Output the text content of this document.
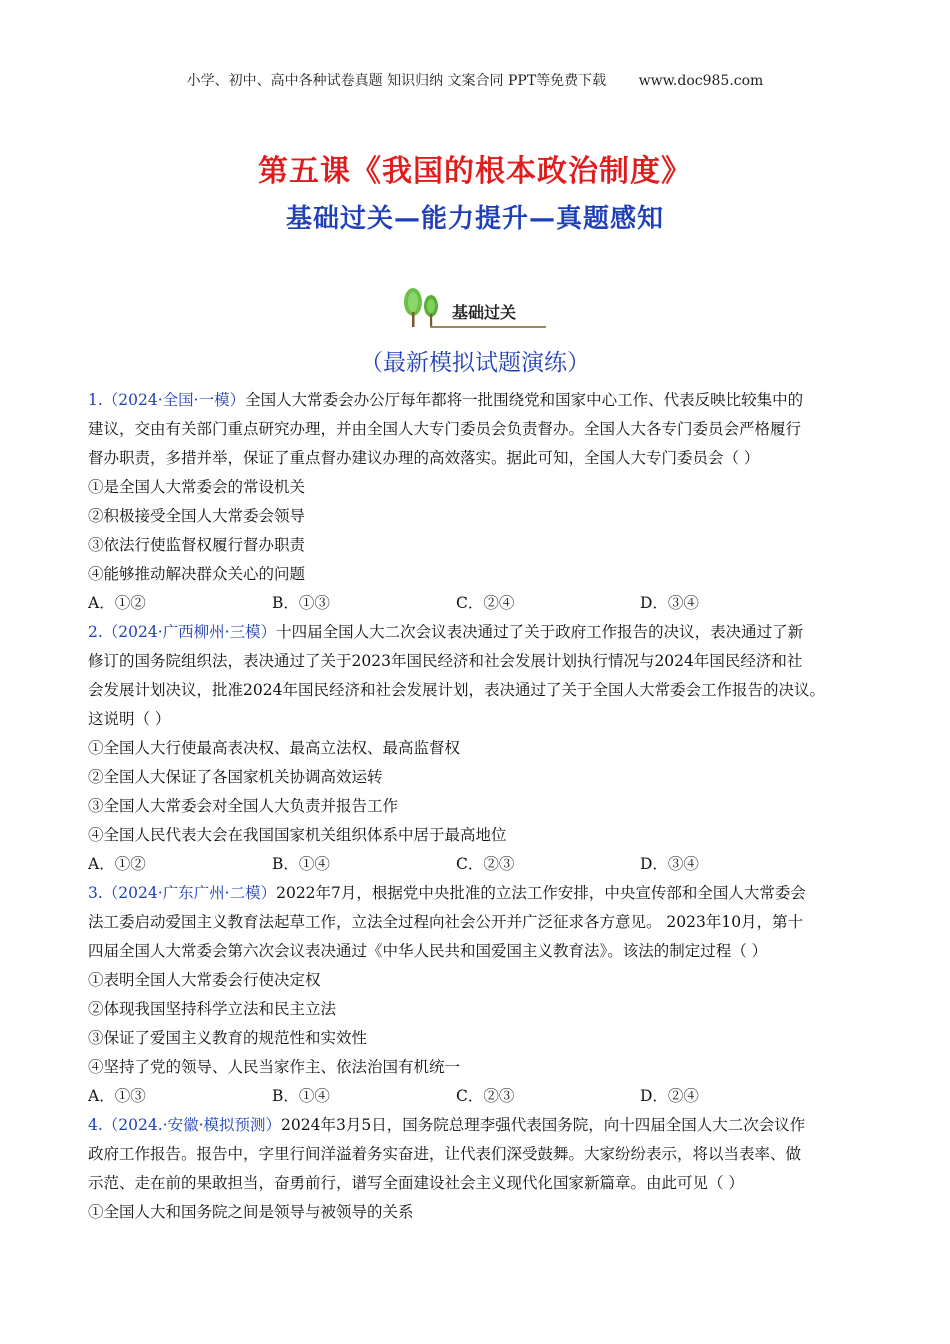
小学、初中、高中各种试卷真题 知识归纳 文案合同 PPT等免费下载 www.doc985.com
第五课《我国的根本政治制度》
基础过关—能力提升—真题感知
基础过关
（最新模拟试题演练）

1.（2024·全国·一模）全国人大常委会办公厅每年都将一批围绕党和国家中心工作、代表反映比较集中的

建议，交由有关部门重点研究办理，并由全国人大专门委员会负责督办。全国人大各专门委员会严格履行

督办职责，多措并举，保证了重点督办建议办理的高效落实。据此可知，全国人大专门委员会（ ）

①是全国人大常委会的常设机关

②积极接受全国人大常委会领导

③依法行使监督权履行督办职责

④能够推动解决群众关心的问题

A．①②	B．①③	C．②④	D．③④

2.（2024·广西柳州·三模）十四届全国人大二次会议表决通过了关于政府工作报告的决议，表决通过了新

修订的国务院组织法，表决通过了关于2023年国民经济和社会发展计划执行情况与2024年国民经济和社

会发展计划决议，批准2024年国民经济和社会发展计划，表决通过了关于全国人大常委会工作报告的决议。

这说明（ ）

①全国人大行使最高表决权、最高立法权、最高监督权

②全国人大保证了各国家机关协调高效运转

③全国人大常委会对全国人大负责并报告工作

④全国人民代表大会在我国国家机关组织体系中居于最高地位

A．①②	B．①④	C．②③	D．③④

3.（2024·广东广州·二模）2022年7月，根据党中央批准的立法工作安排，中央宣传部和全国人大常委会

法工委启动爱国主义教育法起草工作，立法全过程向社会公开并广泛征求各方意见。 2023年10月，第十

四届全国人大常委会第六次会议表决通过《中华人民共和国爱国主义教育法》。该法的制定过程（ ）

①表明全国人大常委会行使决定权

②体现我国坚持科学立法和民主立法

③保证了爱国主义教育的规范性和实效性

④坚持了党的领导、人民当家作主、依法治国有机统一

A．①③	B．①④	C．②③	D．②④

4.（2024.·安徽·模拟预测）2024年3月5日，国务院总理李强代表国务院，向十四届全国人大二次会议作

政府工作报告。报告中，字里行间洋溢着务实奋进，让代表们深受鼓舞。大家纷纷表示，将以当表率、做

示范、走在前的果敢担当，奋勇前行，谱写全面建设社会主义现代化国家新篇章。由此可见（ ）

①全国人大和国务院之间是领导与被领导的关系
